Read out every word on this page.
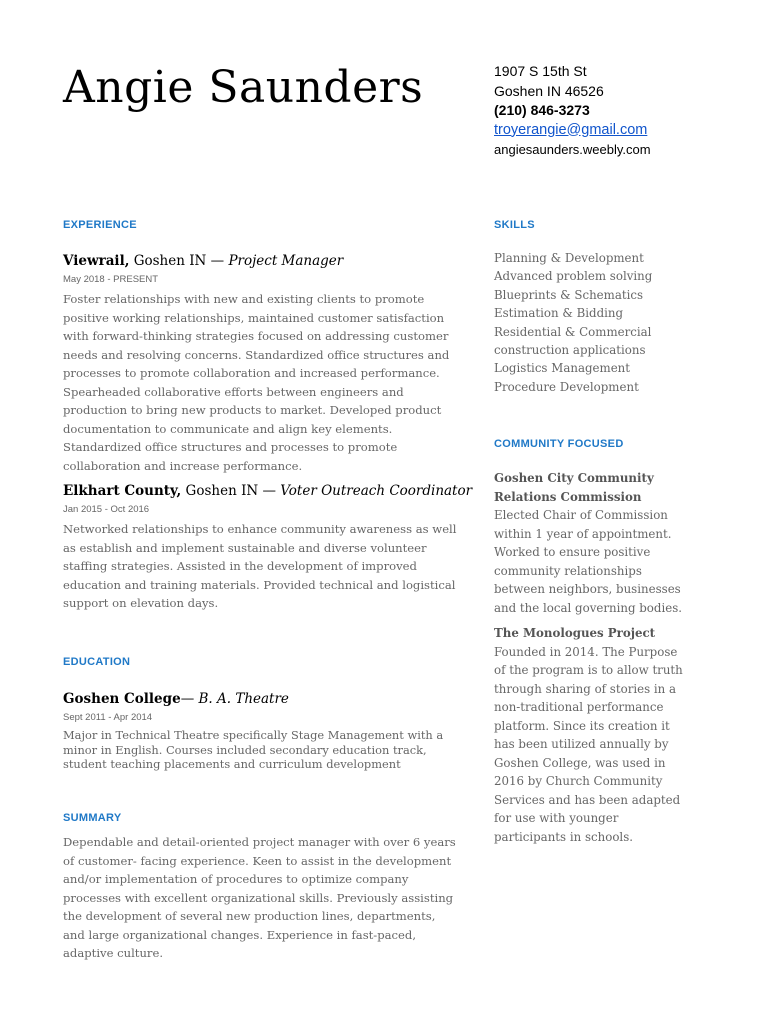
Angie Saunders	1907 S 15th St
Goshen IN 46526
(210) 846-3273
troyerangie@gmail.com
angiesaunders.weebly.com
EXPERIENCE
Viewrail, Goshen IN — Project Manager
May 2018 - PRESENT
Foster relationships with new and existing clients to promote positive working relationships, maintained customer satisfaction with forward-thinking strategies focused on addressing customer needs and resolving concerns. Standardized office structures and processes to promote collaboration and increased performance. Spearheaded collaborative efforts between engineers and production to bring new products to market. Developed product documentation to communicate and align key elements. Standardized office structures and processes to promote collaboration and increase performance.
Elkhart County, Goshen IN — Voter Outreach Coordinator
Jan 2015 - Oct 2016
Networked relationships to enhance community awareness as well as establish and implement sustainable and diverse volunteer staffing strategies. Assisted in the development of improved education and training materials. Provided technical and logistical support on elevation days.
EDUCATION
Goshen College— B. A. Theatre
Sept 2011 - Apr 2014
Major in Technical Theatre specifically Stage Management with a minor in English. Courses included secondary education track, student teaching placements and curriculum development
SUMMARY
Dependable and detail-oriented project manager with over 6 years of customer- facing experience. Keen to assist in the development and/or implementation of procedures to optimize company processes with excellent organizational skills. Previously assisting the development of several new production lines, departments, and large organizational changes. Experience in fast-paced, adaptive culture.
SKILLS
Planning & Development
Advanced problem solving
Blueprints & Schematics
Estimation & Bidding
Residential & Commercial construction applications
Logistics Management
Procedure Development
COMMUNITY FOCUSED
Goshen City Community Relations Commission Elected Chair of Commission within 1 year of appointment. Worked to ensure positive community relationships between neighbors, businesses and the local governing bodies.
The Monologues Project
Founded in 2014. The Purpose of the program is to allow truth through sharing of stories in a non-traditional performance platform. Since its creation it has been utilized annually by Goshen College, was used in 2016 by Church Community Services and has been adapted for use with younger participants in schools.
